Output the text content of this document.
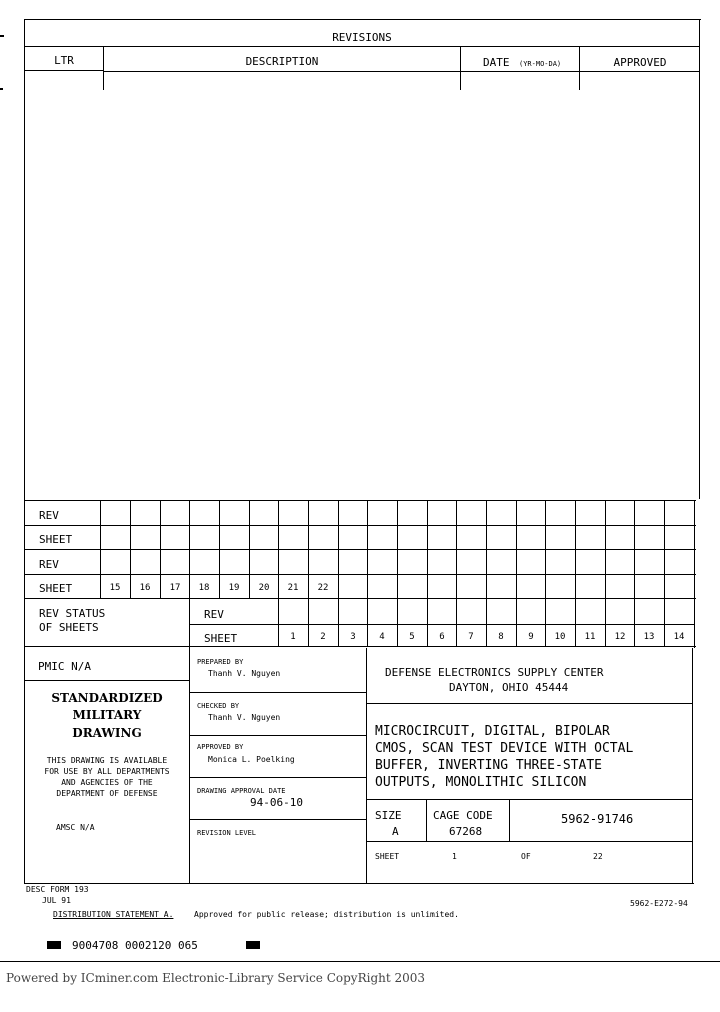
REVISIONS
LTR	DESCRIPTION	DATE (YR-MO-DA)	APPROVED
REV
SHEET
REV
SHEET	15	16	17	18	19	20	21	22
REV STATUS
OF SHEETS
REV
SHEET	1	2	3	4	5	6	7	8	9	10	11	12	13	14
PMIC N/A
STANDARDIZED
MILITARY
DRAWING
THIS DRAWING IS AVAILABLE
FOR USE BY ALL DEPARTMENTS
AND AGENCIES OF THE
DEPARTMENT OF DEFENSE
AMSC N/A
PREPARED BY
Thanh V. Nguyen
CHECKED BY
Thanh V. Nguyen
APPROVED BY
Monica L. Poelking
DRAWING APPROVAL DATE
94-06-10
REVISION LEVEL
DEFENSE ELECTRONICS SUPPLY CENTER
DAYTON, OHIO 45444
MICROCIRCUIT, DIGITAL, BIPOLAR
CMOS, SCAN TEST DEVICE WITH OCTAL
BUFFER, INVERTING THREE-STATE
OUTPUTS, MONOLITHIC SILICON
SIZE
A
CAGE CODE
67268
5962-91746
SHEET	1	OF	22
DESC FORM 193
JUL 91
DISTRIBUTION STATEMENT A.	Approved for public release; distribution is unlimited.
5962-E272-94
9004708 0002120 065
Powered by ICminer.com Electronic-Library Service CopyRight 2003
